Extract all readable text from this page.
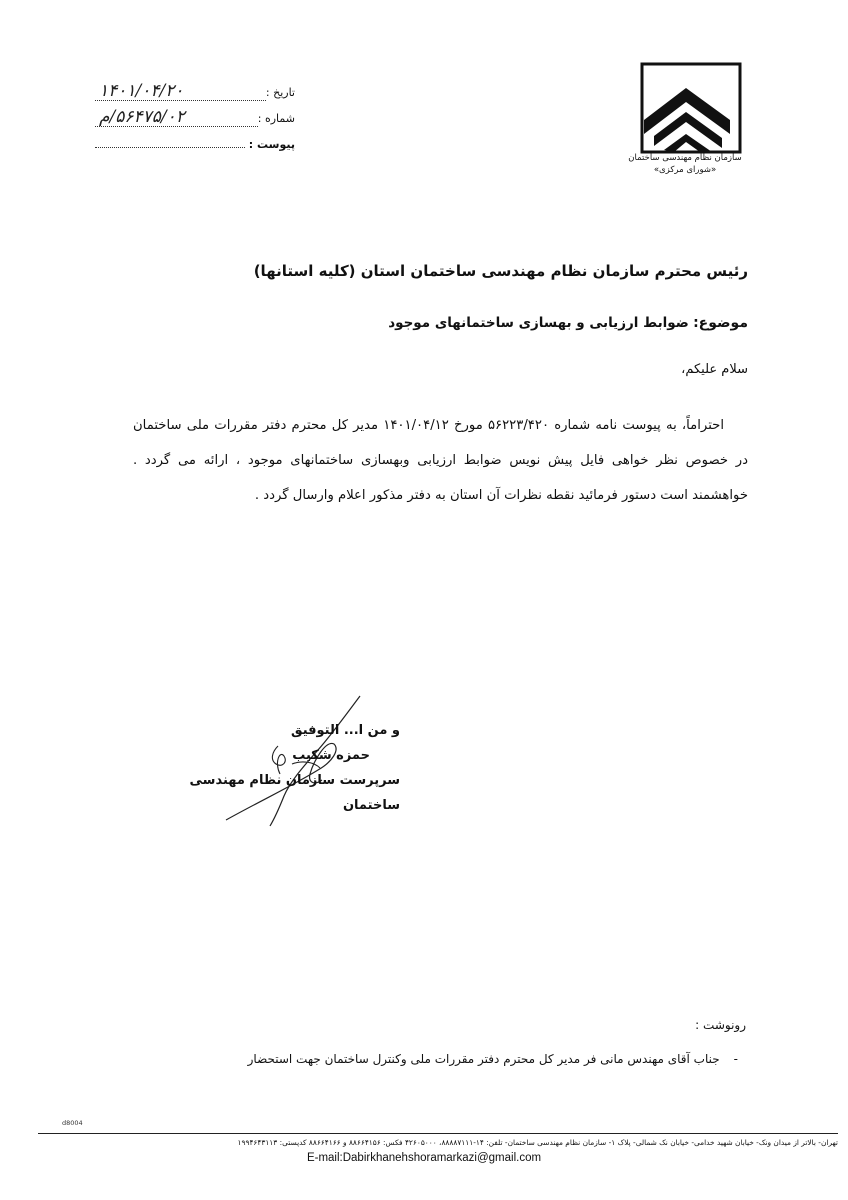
سازمان نظام مهندسی ساختمان
«شورای مرکزی»
تاریخ :
۱۴۰۱/۰۴/۲۰
شماره :
۵۶۴۷۵/۰۲/م
پیوست :
رئیس محترم سازمان نظام مهندسی ساختمان استان (کلیه استانها)
موضوع: ضوابط ارزیابی و بهسازی ساختمانهای موجود
سلام علیکم،
احتراماً، به پیوست نامه شماره ۵۶۲۲۳/۴۲۰ مورخ ۱۴۰۱/۰۴/۱۲ مدیر کل محترم دفتر مقررات ملی ساختمان در خصوص نظر خواهی فایل پیش نویس ضوابط ارزیابی وبهسازی ساختمانهای موجود ، ارائه می گردد . خواهشمند است دستور فرمائید نقطه نظرات آن استان به دفتر مذکور اعلام وارسال گردد .
و من ا... التوفیق
حمزه شکیب
سرپرست سازمان نظام مهندسی ساختمان
رونوشت :
-جناب آقای مهندس مانی فر مدیر کل محترم دفتر مقررات ملی وکنترل ساختمان جهت استحضار
d8004
تهران- بالاتر از میدان ونک- خیابان شهید خدامی- خیابان نک شمالی- پلاک ۱- سازمان نظام مهندسی ساختمان- تلفن: ۱۴-۸۸۸۸۷۱۱۱، ۴۲۶۰۵۰۰۰ فکس: ۸۸۶۶۴۱۵۶ و ۸۸۶۶۴۱۶۶ کدپستی: ۱۹۹۴۶۴۳۱۱۳
E-mail:Dabirkhanehshoramarkazi@gmail.com
